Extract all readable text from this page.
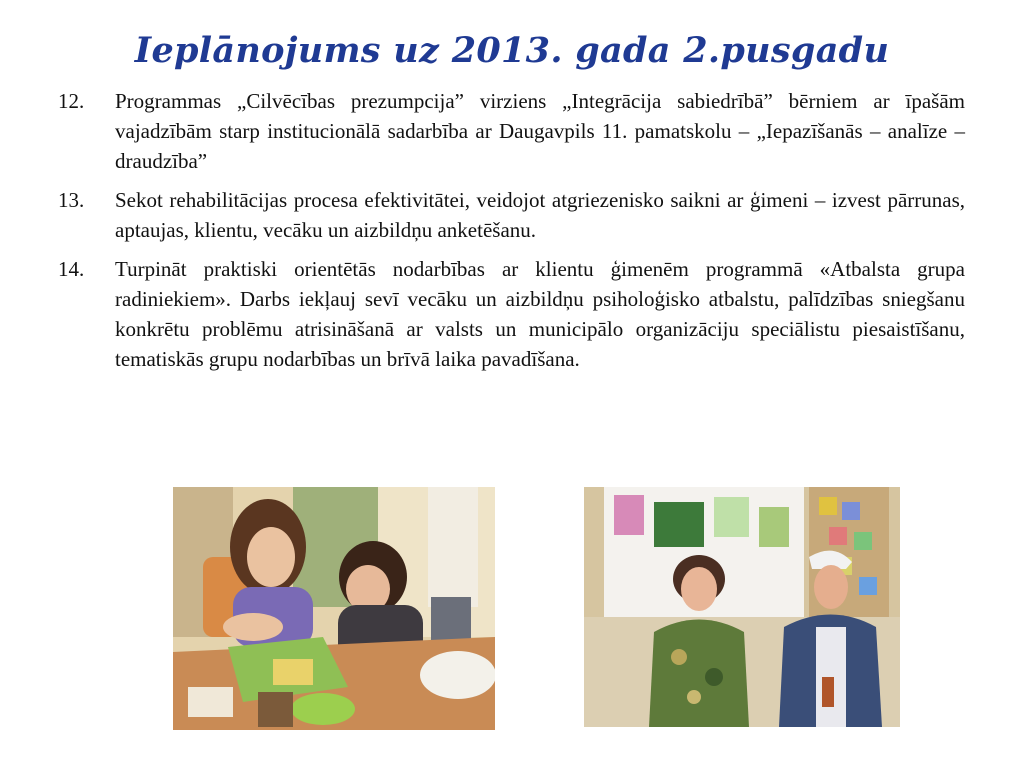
Ieplānojums uz 2013. gada 2.pusgadu
12.	Programmas „Cilvēcības prezumpcija” virziens „Integrācija sabiedrībā” bērniem ar īpašām vajadzībām starp institucionālā sadarbība ar Daugavpils 11. pamatskolu – „Iepazīšanās – analīze – draudzība”
13.	Sekot rehabilitācijas procesa efektivitātei, veidojot atgriezenisko saikni ar ģimeni – izvest pārrunas, aptaujas, klientu, vecāku un aizbildņu anketēšanu.
14.	Turpināt praktiski orientētās nodarbības ar klientu ģimenēm programmā «Atbalsta grupa radiniekiem». Darbs iekļauj sevī vecāku un aizbildņu psiholoģisko atbalstu, palīdzības sniegšanu konkrētu problēmu atrisināšanā ar valsts un municipālo organizāciju speciālistu piesaistīšanu, tematiskās grupu nodarbības un brīvā laika pavadīšana.
